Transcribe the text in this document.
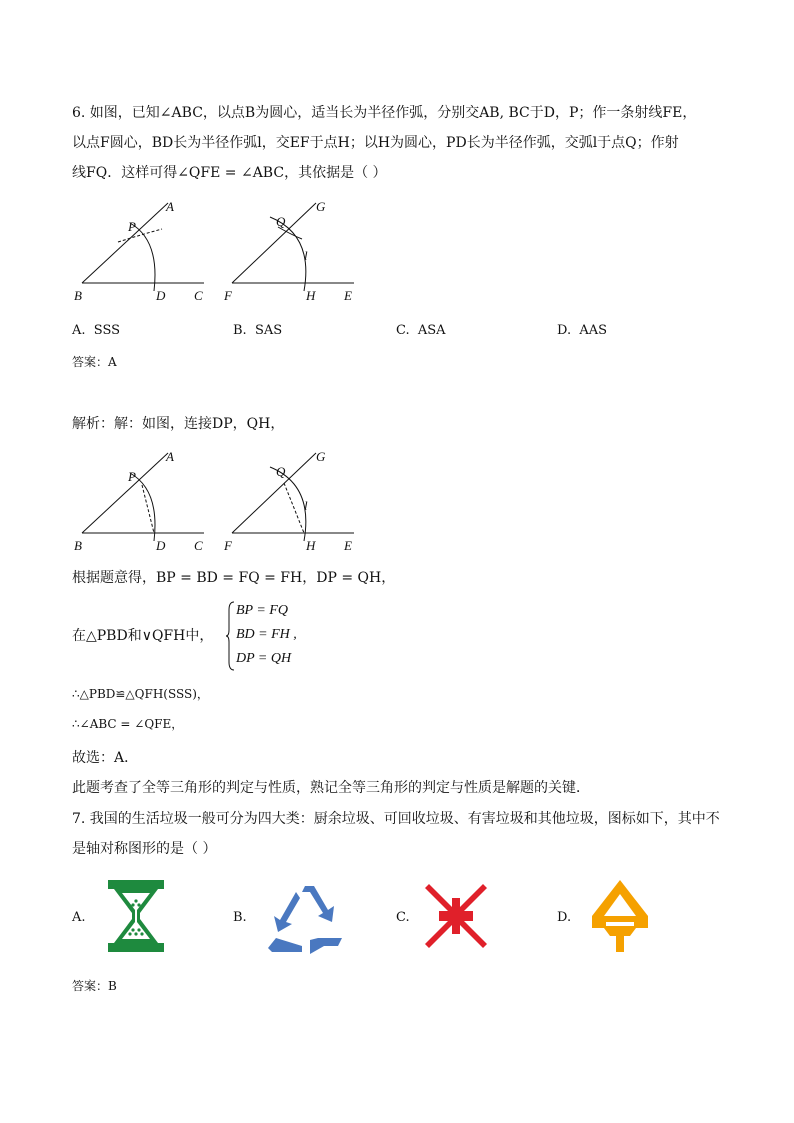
6. 如图，已知∠ABC，以点B为圆心，适当长为半径作弧，分别交AB, BC于D，P；作一条射线FE，
以点F圆心，BD长为半径作弧l，交EF于点H；以H为圆心，PD长为半径作弧，交弧l于点Q；作射
线FQ．这样可得∠QFE = ∠ABC，其依据是（ ）
A
P
B	D C
G
Q
l
F	H E
A. SSS	B. SAS	C. ASA	D. AAS
答案：A
解析：解：如图，连接DP，QH，
A
P
B	D C
G
Q
l
F	H E
根据题意得，BP = BD = FQ = FH，DP = QH，
在△PBD和∨QFH中，
BP = FQ
BD = FH ,
DP = QH
∴△PBD≌△QFH(SSS)，
∴∠ABC = ∠QFE，
故选：A．
此题考查了全等三角形的判定与性质，熟记全等三角形的判定与性质是解题的关键．
7. 我国的生活垃圾一般可分为四大类：厨余垃圾、可回收垃圾、有害垃圾和其他垃圾，图标如下，其中不
是轴对称图形的是（ ）
A.	B.	C.	D.
答案：B
